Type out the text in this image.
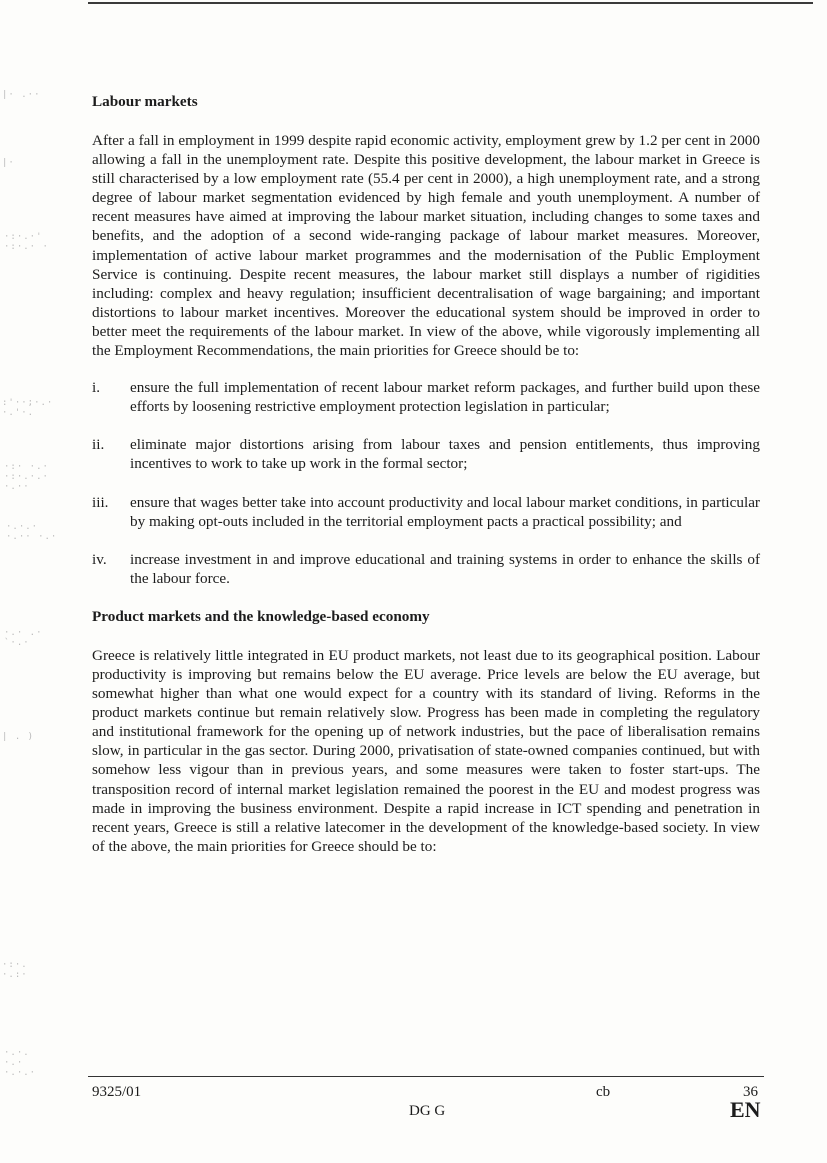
|· .··
|·
·:·.·'
·:·.· ·
:'··;·.·
·.'·.
·:· ·.·
·:·.·.·
·.··
·.·.·
·.·· ·.·
·.· .·
`·.·
| . )
·:·.
·.:·
·.·.
·.·
·.·.·
Labour markets

After a fall in employment in 1999 despite rapid economic activity, employment grew by 1.2 per cent in 2000 allowing a fall in the unemployment rate. Despite this positive development, the labour market in Greece is still characterised by a low employment rate (55.4 per cent in 2000), a high unemployment rate, and a strong degree of labour market segmentation evidenced by high female and youth unemployment. A number of recent measures have aimed at improving the labour market situation, including changes to some taxes and benefits, and the adoption of a second wide-ranging package of labour market measures. Moreover, implementation of active labour market programmes and the modernisation of the Public Employment Service is continuing. Despite recent measures, the labour market still displays a number of rigidities including: complex and heavy regulation; insufficient decentralisation of wage bargaining; and important distortions to labour market incentives. Moreover the educational system should be improved in order to better meet the requirements of the labour market. In view of the above, while vigorously implementing all the Employment Recommendations, the main priorities for Greece should be to:

i.	ensure the full implementation of recent labour market reform packages, and further build upon these efforts by loosening restrictive employment protection legislation in particular;
ii.	eliminate major distortions arising from labour taxes and pension entitlements, thus improving incentives to work to take up work in the formal sector;
iii.	ensure that wages better take into account productivity and local labour market conditions, in particular by making opt-outs included in the territorial employment pacts a practical possibility; and
iv.	increase investment in and improve educational and training systems in order to enhance the skills of the labour force.
Product markets and the knowledge-based economy

Greece is relatively little integrated in EU product markets, not least due to its geographical position. Labour productivity is improving but remains below the EU average. Price levels are below the EU average, but somewhat higher than what one would expect for a country with its standard of living. Reforms in the product markets continue but remain relatively slow. Progress has been made in completing the regulatory and institutional framework for the opening up of network industries, but the pace of liberalisation remains slow, in particular in the gas sector. During 2000, privatisation of state-owned companies continued, but with somehow less vigour than in previous years, and some measures were taken to foster start-ups. The transposition record of internal market legislation remained the poorest in the EU and modest progress was made in improving the business environment. Despite a rapid increase in ICT spending and penetration in recent years, Greece is still a relative latecomer in the development of the knowledge-based society. In view of the above, the main priorities for Greece should be to:

9325/01	cb	36
DG G	EN
